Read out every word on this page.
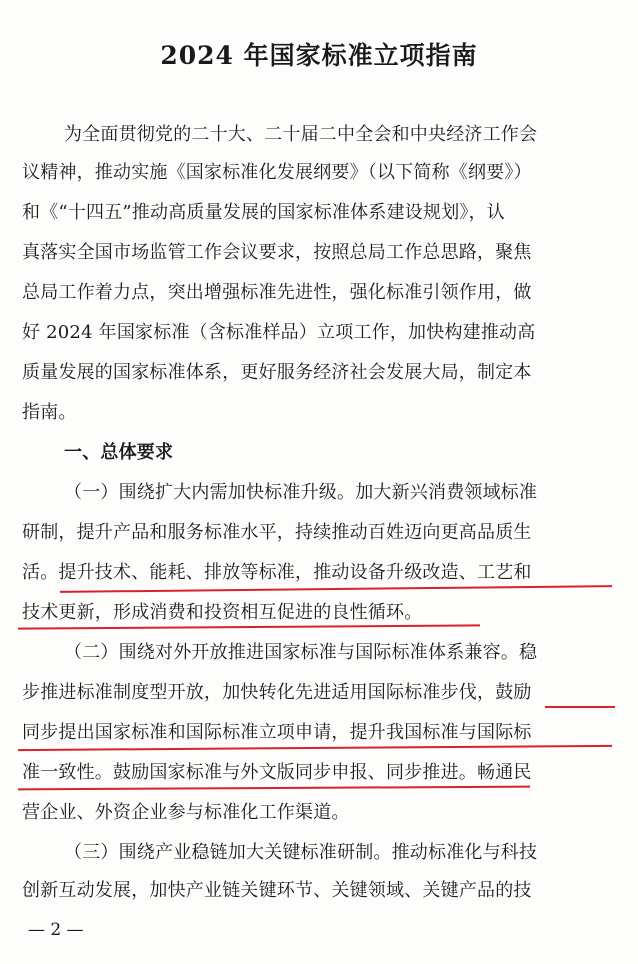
2024 年国家标准立项指南
为全面贯彻党的二十大、二十届二中全会和中央经济工作会
议精神，推动实施《国家标准化发展纲要》（以下简称《纲要》）
和《“十四五”推动高质量发展的国家标准体系建设规划》，认
真落实全国市场监管工作会议要求，按照总局工作总思路，聚焦
总局工作着力点，突出增强标准先进性，强化标准引领作用，做
好 2024 年国家标准（含标准样品）立项工作，加快构建推动高
质量发展的国家标准体系，更好服务经济社会发展大局，制定本
指南。
一、总体要求
（一）围绕扩大内需加快标准升级。加大新兴消费领域标准
研制，提升产品和服务标准水平，持续推动百姓迈向更高品质生
活。提升技术、能耗、排放等标准，推动设备升级改造、工艺和
技术更新，形成消费和投资相互促进的良性循环。
（二）围绕对外开放推进国家标准与国际标准体系兼容。稳
步推进标准制度型开放，加快转化先进适用国际标准步伐，鼓励
同步提出国家标准和国际标准立项申请，提升我国标准与国际标
准一致性。鼓励国家标准与外文版同步申报、同步推进。畅通民
营企业、外资企业参与标准化工作渠道。
（三）围绕产业稳链加大关键标准研制。推动标准化与科技
创新互动发展，加快产业链关键环节、关键领域、关键产品的技
— 2 —
